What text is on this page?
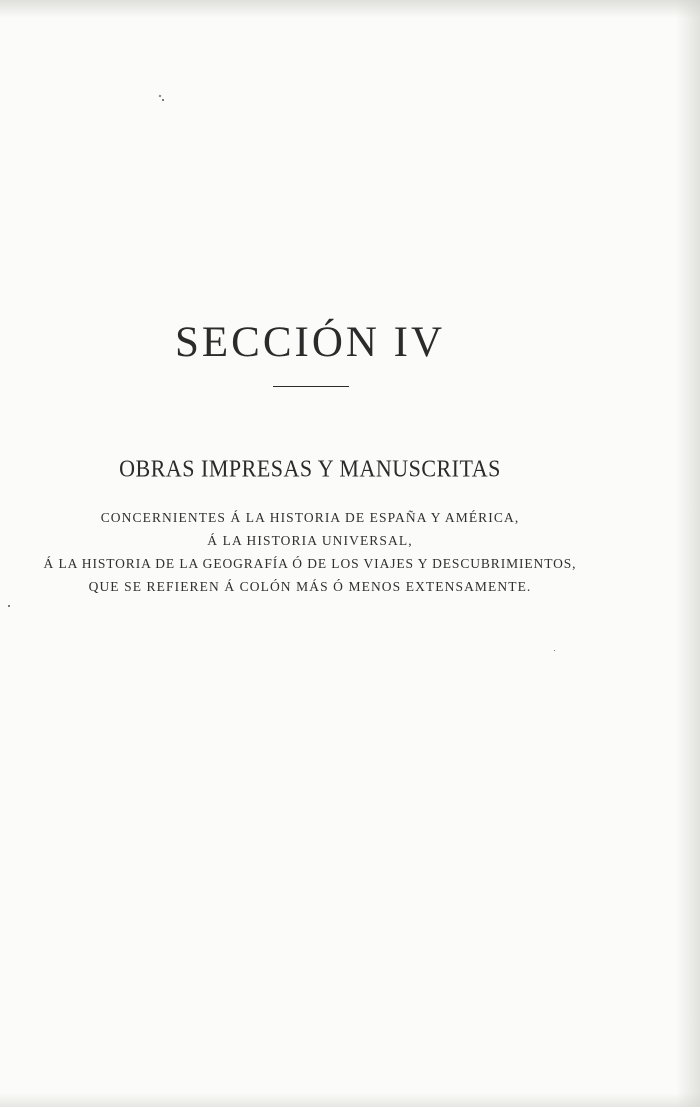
SECCIÓN IV
OBRAS IMPRESAS Y MANUSCRITAS
CONCERNIENTES Á LA HISTORIA DE ESPAÑA Y AMÉRICA,
Á LA HISTORIA UNIVERSAL,
Á LA HISTORIA DE LA GEOGRAFÍA Ó DE LOS VIAJES Y DESCUBRIMIENTOS,
QUE SE REFIEREN Á COLÓN MÁS Ó MENOS EXTENSAMENTE.
